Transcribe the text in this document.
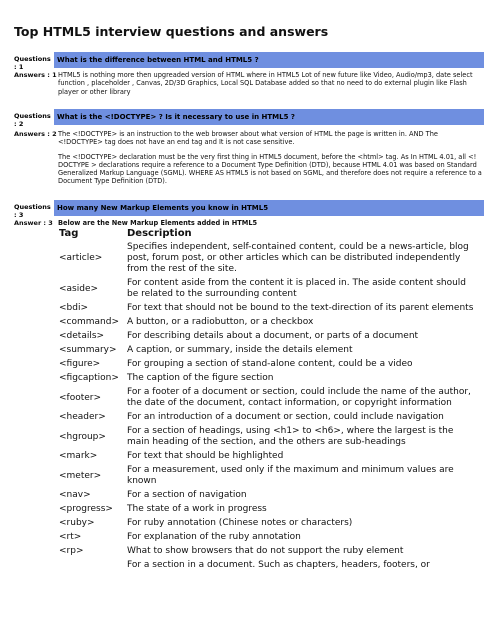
Top HTML5 interview questions and answers
Questions : 1
What is the difference between HTML and HTML5 ?
Answers : 1 HTML5 is nothing more then upgreaded version of HTML where in HTML5 Lot of new future like Video, Audio/mp3, date select function , placeholder , Canvas, 2D/3D Graphics, Local SQL Database added so that no need to do external plugin like Flash player or other library
Questions : 2
What is the <!DOCTYPE> ? Is it necessary to use in HTML5 ?
Answers : 2 The <!DOCTYPE> is an instruction to the web browser about what version of HTML the page is written in. AND The <!DOCTYPE> tag does not have an end tag and It is not case sensitive.

The <!DOCTYPE> declaration must be the very first thing in HTML5 document, before the <html> tag. As In HTML 4.01, all <! DOCTYPE > declarations require a reference to a Document Type Definition (DTD), because HTML 4.01 was based on Standard Generalized Markup Language (SGML). WHERE AS HTML5 is not based on SGML, and therefore does not require a reference to a Document Type Definition (DTD).

Questions : 3
How many New Markup Elements you know in HTML5
Answer : 3 Below are the New Markup Elements added in HTML5
Tag	Description
<article>	Specifies independent, self-contained content, could be a news-article, blog post, forum post, or other articles which can be distributed independently from the rest of the site.
<aside>	For content aside from the content it is placed in. The aside content should be related to the surrounding content
<bdi>	For text that should not be bound to the text-direction of its parent elements
<command>	A button, or a radiobutton, or a checkbox
<details>	For describing details about a document, or parts of a document
<summary>	A caption, or summary, inside the details element
<figure>	For grouping a section of stand-alone content, could be a video
<figcaption>	The caption of the figure section
<footer>	For a footer of a document or section, could include the name of the author, the date of the document, contact information, or copyright information
<header>	For an introduction of a document or section, could include navigation
<hgroup>	For a section of headings, using <h1> to <h6>, where the largest is the main heading of the section, and the others are sub-headings
<mark>	For text that should be highlighted
<meter>	For a measurement, used only if the maximum and minimum values are known
<nav>	For a section of navigation
<progress>	The state of a work in progress
<ruby>	For ruby annotation (Chinese notes or characters)
<rt>	For explanation of the ruby annotation
<rp>	What to show browsers that do not support the ruby element
	For a section in a document. Such as chapters, headers, footers, or
